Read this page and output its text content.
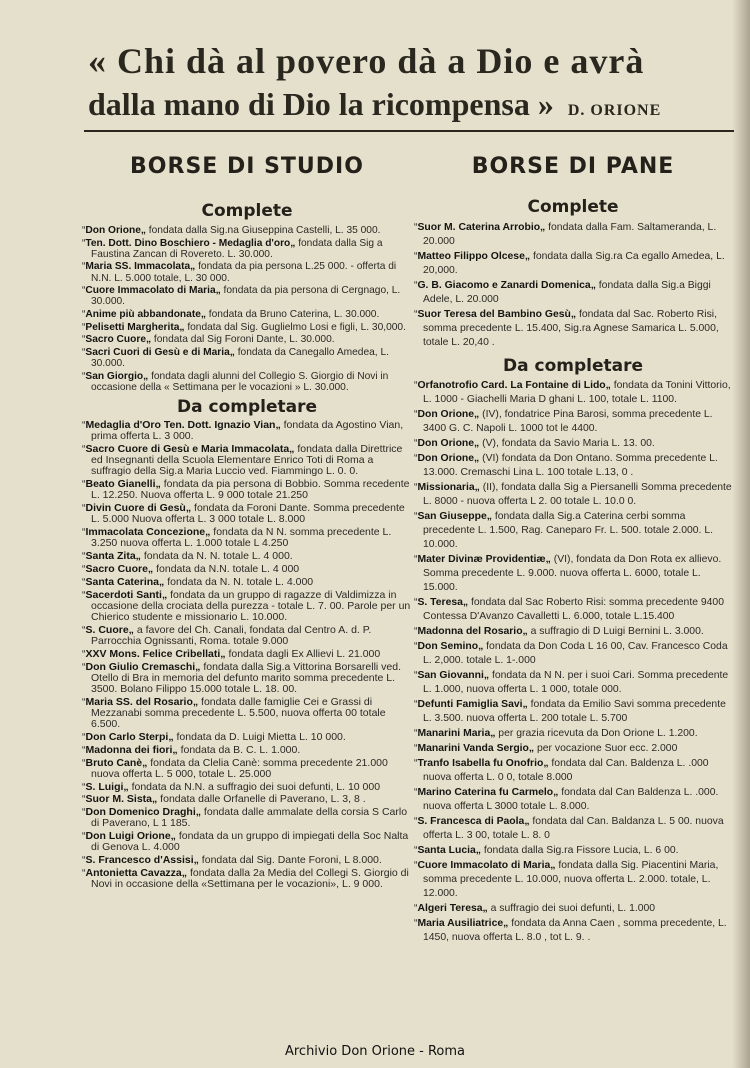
« Chi dà al povero dà a Dio e avrà
dalla mano di Dio la ricompensa » D. ORIONE
BORSE DI STUDIO
Complete
“Don Orione„ fondata dalla Sig.na Giuseppina Castelli, L. 35 000.
“Ten. Dott. Dino Boschiero - Medaglia d'oro„ fondata dalla Sig a Faustina Zancan di Rovereto. L. 30.000.
“Maria SS. Immacolata„ fondata da pia persona L.25 000. - offerta di N.N. L. 5.000 totale, L. 30 000.
“Cuore Immacolato di Maria„ fondata da pia persona di Cergnago, L. 30.000.
“Anime più abbandonate„ fondata da Bruno Caterina, L. 30.000.
“Pelisetti Margherita„ fondata dal Sig. Guglielmo Losi e figli, L. 30,000.
“Sacro Cuore„ fondata dal Sig Foroni Dante, L. 30.000.
“Sacri Cuori di Gesù e di Maria„ fondata da Canegallo Amedea, L. 30.000.
“San Giorgio„ fondata dagli alunni del Collegio S. Giorgio di Novi in occasione della « Settimana per le vocazioni » L. 30.000.
Da completare
“Medaglia d'Oro Ten. Dott. Ignazio Vian„ fondata da Agostino Vian, prima offerta L. 3 000.
“Sacro Cuore di Gesù e Maria Immacolata„ fondata dalla Direttrice ed Insegnanti della Scuola Elementare Enrico Toti di Roma a suffragio della Sig.a Maria Luccio ved. Fiammingo L. 0. 0.
“Beato Gianelli„ fondata da pia persona di Bobbio. Somma recedente L. 12.250. Nuova offerta L. 9 000 totale 21.250
“Divin Cuore di Gesù„ fondata da Foroni Dante. Somma precedente L. 5.000 Nuova offerta L. 3 000 totale L. 8.000
“Immacolata Concezione„ fondata da N N. somma precedente L. 3.250 nuova offerta L. 1.000 totale L 4.250
“Santa Zita„ fondata da N. N. totale L. 4 000.
“Sacro Cuore„ fondata da N.N. totale L. 4 000
“Santa Caterina„ fondata da N. N. totale L. 4.000
“Sacerdoti Santi„ fondata da un gruppo di ragazze di Valdimizza in occasione della crociata della purezza - totale L. 7. 00. Parole per un Chierico studente e missionario L. 10.000.
“S. Cuore„ a favore del Ch. Canali, fondata dal Centro A. d. P. Parrocchia Ognissanti, Roma. totale 9.000
“XXV Mons. Felice Cribellati„ fondata dagli Ex Allievi L. 21.000
“Don Giulio Cremaschi„ fondata dalla Sig.a Vittorina Borsarelli ved. Otello di Bra in memoria del defunto marito somma precedente L. 3500. Bolano Filippo 15.000 totale L. 18. 00.
“Maria SS. del Rosario„ fondata dalle famiglie Cei e Grassi di Mezzanabi somma precedente L. 5.500, nuova offerta 00 totale 6.500.
“Don Carlo Sterpi„ fondata da D. Luigi Mietta L. 10 000.
“Madonna dei fiori„ fondata da B. C. L. 1.000.
“Bruto Canè„ fondata da Clelia Canè: somma precedente 21.000 nuova offerta L. 5 000, totale L. 25.000
“S. Luigi„ fondata da N.N. a suffragio dei suoi defunti, L. 10 000
“Suor M. Sista„ fondata dalle Orfanelle di Paverano, L. 3, 8 .
“Don Domenico Draghi„ fondata dalle ammalate della corsia S Carlo di Paverano, L 1 185.
“Don Luigi Orione„ fondata da un gruppo di impiegati della Soc Nalta di Genova L. 4.000
“S. Francesco d'Assisi„ fondata dal Sig. Dante Foroni, L 8.000.
“Antonietta Cavazza„ fondata dalla 2a Media del Collegi S. Giorgio di Novi in occasione della «Settimana per le vocazioni», L. 9 000.
BORSE DI PANE
Complete
“Suor M. Caterina Arrobio„ fondata dalla Fam. Saltameranda, L. 20.000
“Matteo Filippo Olcese„ fondata dalla Sig.ra Ca egallo Amedea, L. 20,000.
“G. B. Giacomo e Zanardi Domenica„ fondata dalla Sig.a Biggi Adele, L. 20.000
“Suor Teresa del Bambino Gesù„ fondata dal Sac. Roberto Risi, somma precedente L. 15.400, Sig.ra Agnese Samarica L. 5.000, totale L. 20,40 .
Da completare
“Orfanotrofio Card. La Fontaine di Lido„ fondata da Tonini Vittorio, L. 1000 - Giachelli Maria D ghani L. 100, totale L. 1100.
“Don Orione„ (IV), fondatrice Pina Barosi, somma precedente L. 3400 G. C. Napoli L. 1000 tot le 4400.
“Don Orione„ (V), fondata da Savio Maria L. 13. 00.
“Don Orione„ (VI) fondata da Don Ontano. Somma precedente L. 13.000. Cremaschi Lina L. 100 totale L.13, 0 .
“Missionaria„ (II), fondata dalla Sig a Piersanelli Somma precedente L. 8000 - nuova offerta L 2. 00 totale L. 10.0 0.
“San Giuseppe„ fondata dalla Sig.a Caterina cerbi somma precedente L. 1.500, Rag. Caneparo Fr. L. 500. totale 2.000. L. 10.000.
“Mater Divinæ Providentiæ„ (VI), fondata da Don Rota ex allievo. Somma precedente L. 9.000. nuova offerta L. 6000, totale L. 15.000.
“S. Teresa„ fondata dal Sac Roberto Risi: somma precedente 9400 Contessa D'Avanzo Cavalletti L. 6.000, totale L.15.400
“Madonna del Rosario„ a suffragio di D Luigi Bernini L. 3.000.
“Don Semino„ fondata da Don Coda L 16 00, Cav. Francesco Coda L. 2,000. totale L. 1-.000
“San Giovanni„ fondata da N N. per i suoi Cari. Somma precedente L. 1.000, nuova offerta L. 1 000, totale 000.
“Defunti Famiglia Savi„ fondata da Emilio Savi somma precedente L. 3.500. nuova offerta L. 200 totale L. 5.700
“Manarini Maria„ per grazia ricevuta da Don Orione L. 1.200.
“Manarini Vanda Sergio„ per vocazione Suor ecc. 2.000
“Tranfo Isabella fu Onofrio„ fondata dal Can. Baldenza L. .000 nuova offerta L. 0 0, totale 8.000
“Marino Caterina fu Carmelo„ fondata dal Can Baldenza L. .000. nuova offerta L 3000 totale L. 8.000.
“S. Francesca di Paola„ fondata dal Can. Baldanza L. 5 00. nuova offerta L. 3 00, totale L. 8. 0
“Santa Lucia„ fondata dalla Sig.ra Fissore Lucia, L. 6 00.
“Cuore Immacolato di Maria„ fondata dalla Sig. Piacentini Maria, somma precedente L. 10.000, nuova offerta L. 2.000. totale, L. 12.000.
“Algeri Teresa„ a suffragio dei suoi defunti, L. 1.000
“Maria Ausiliatrice„ fondata da Anna Caen , somma precedente, L. 1450, nuova offerta L. 8.0 , tot L. 9. .
Archivio Don Orione - Roma
